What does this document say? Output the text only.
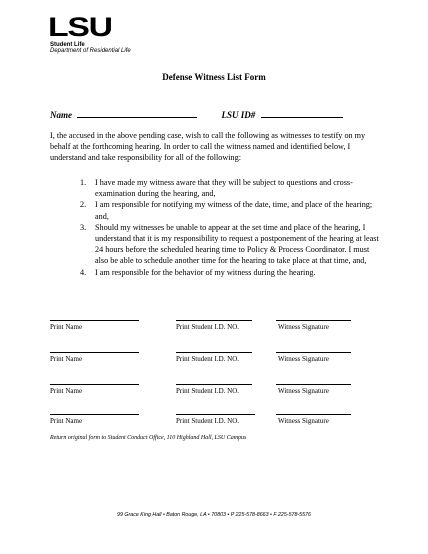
LSU
Student Life
Department of Residential Life
Defense Witness List Form
Name	LSU ID#
I, the accused in the above pending case, wish to call the following as witnesses to testify on my behalf at the forthcoming hearing. In order to call the witness named and identified below, I understand and take responsibility for all of the following:
1. I have made my witness aware that they will be subject to questions and cross-examination during the hearing, and,
2. I am responsible for notifying my witness of the date, time, and place of the hearing; and,
3. Should my witnesses be unable to appear at the set time and place of the hearing, I understand that it is my responsibility to request a postponement of the hearing at least 24 hours before the scheduled hearing time to Policy & Process Coordinator. I must also be able to schedule another time for the hearing to take place at that time, and,
4. I am responsible for the behavior of my witness during the hearing.
Print Name	Print Student I.D. NO.	Witness Signature
Print Name	Print Student I.D. NO.	Witness Signature
Print Name	Print Student I.D. NO.	Witness Signature
Print Name	Print Student I.D. NO.	Witness Signature
Return original form to Student Conduct Office, 110 Highland Hall, LSU Campus
99 Grace King Hall • Baton Rouge, LA • 70803 • P 225-578-8663 • F 225-578-5576
